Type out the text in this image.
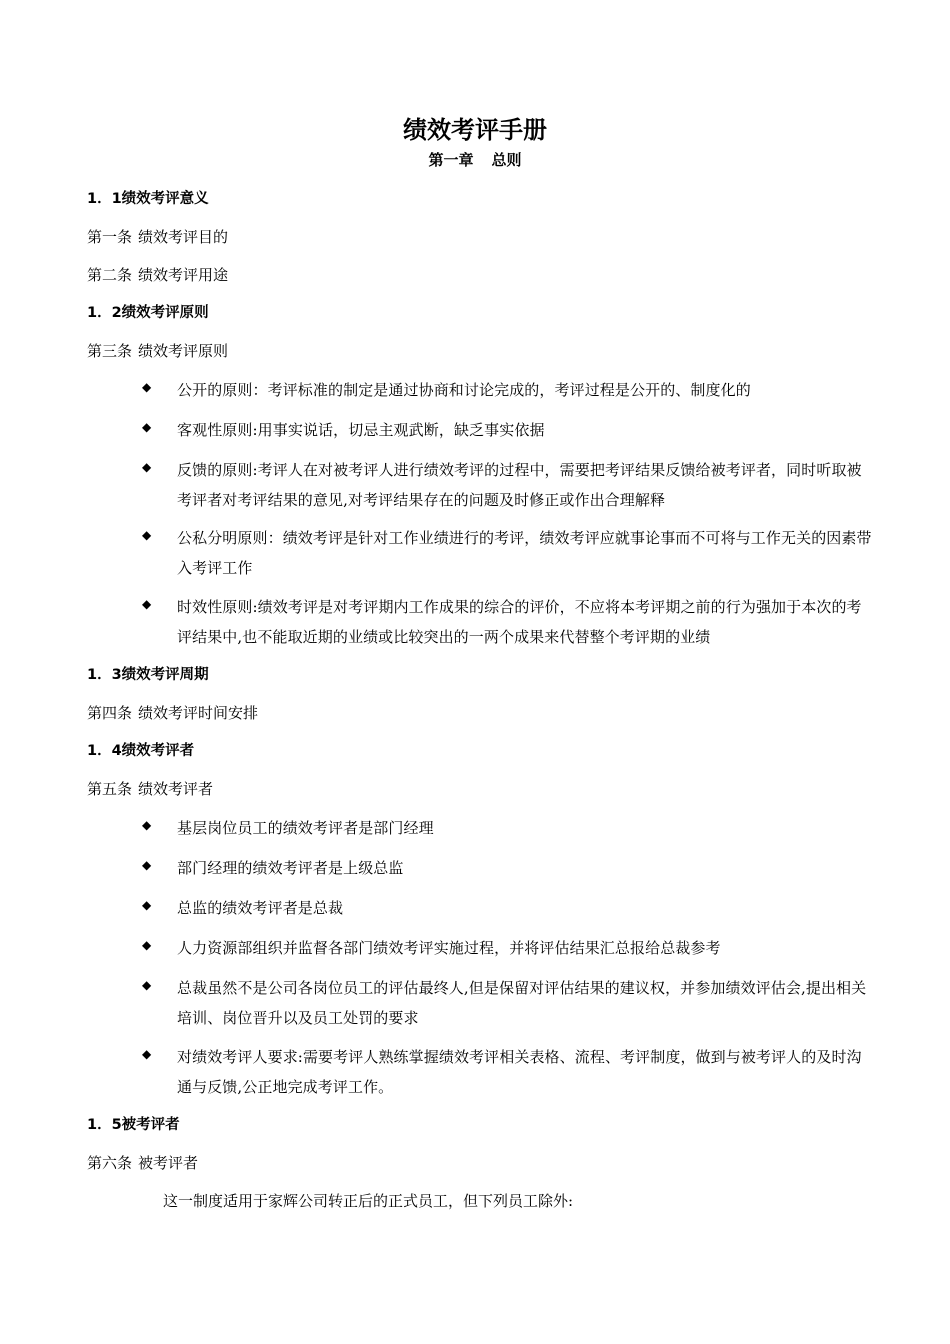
绩效考评手册
第一章 总则
1．1绩效考评意义
第一条 绩效考评目的
第二条 绩效考评用途
1．2绩效考评原则
第三条 绩效考评原则
◆ 公开的原则：考评标准的制定是通过协商和讨论完成的，考评过程是公开的、制度化的
◆ 客观性原则:用事实说话，切忌主观武断，缺乏事实依据
◆ 反馈的原则:考评人在对被考评人进行绩效考评的过程中，需要把考评结果反馈给被考评者，同时听取被考评者对考评结果的意见,对考评结果存在的问题及时修正或作出合理解释
◆ 公私分明原则：绩效考评是针对工作业绩进行的考评，绩效考评应就事论事而不可将与工作无关的因素带入考评工作
◆ 时效性原则:绩效考评是对考评期内工作成果的综合的评价，不应将本考评期之前的行为强加于本次的考评结果中,也不能取近期的业绩或比较突出的一两个成果来代替整个考评期的业绩
1．3绩效考评周期
第四条 绩效考评时间安排
1．4绩效考评者
第五条 绩效考评者
◆ 基层岗位员工的绩效考评者是部门经理
◆ 部门经理的绩效考评者是上级总监
◆ 总监的绩效考评者是总裁
◆ 人力资源部组织并监督各部门绩效考评实施过程，并将评估结果汇总报给总裁参考
◆ 总裁虽然不是公司各岗位员工的评估最终人,但是保留对评估结果的建议权，并参加绩效评估会,提出相关培训、岗位晋升以及员工处罚的要求
◆ 对绩效考评人要求:需要考评人熟练掌握绩效考评相关表格、流程、考评制度，做到与被考评人的及时沟通与反馈,公正地完成考评工作。
1．5被考评者
第六条 被考评者
这一制度适用于家辉公司转正后的正式员工，但下列员工除外:
